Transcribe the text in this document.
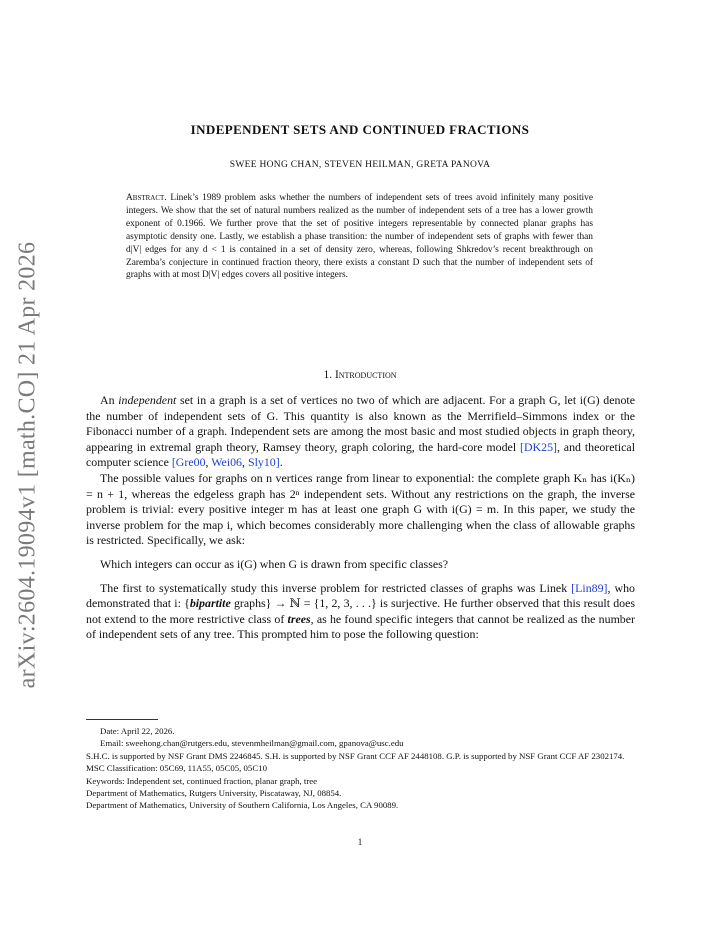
arXiv:2604.19094v1 [math.CO] 21 Apr 2026
INDEPENDENT SETS AND CONTINUED FRACTIONS
SWEE HONG CHAN, STEVEN HEILMAN, GRETA PANOVA
Abstract. Linek’s 1989 problem asks whether the numbers of independent sets of trees avoid infinitely many positive integers. We show that the set of natural numbers realized as the number of independent sets of a tree has a lower growth exponent of 0.1966. We further prove that the set of positive integers representable by connected planar graphs has asymptotic density one. Lastly, we establish a phase transition: the number of independent sets of graphs with fewer than d|V| edges for any d < 1 is contained in a set of density zero, whereas, following Shkredov’s recent breakthrough on Zaremba’s conjecture in continued fraction theory, there exists a constant D such that the number of independent sets of graphs with at most D|V| edges covers all positive integers.
1. Introduction

An independent set in a graph is a set of vertices no two of which are adjacent. For a graph G, let i(G) denote the number of independent sets of G. This quantity is also known as the Merrifield–Simmons index or the Fibonacci number of a graph. Independent sets are among the most basic and most studied objects in graph theory, appearing in extremal graph theory, Ramsey theory, graph coloring, the hard-core model [DK25], and theoretical computer science [Gre00, Wei06, Sly10].

The possible values for graphs on n vertices range from linear to exponential: the complete graph Kₙ has i(Kₙ) = n + 1, whereas the edgeless graph has 2ⁿ independent sets. Without any restrictions on the graph, the inverse problem is trivial: every positive integer m has at least one graph G with i(G) = m. In this paper, we study the inverse problem for the map i, which becomes considerably more challenging when the class of allowable graphs is restricted. Specifically, we ask:

Which integers can occur as i(G) when G is drawn from specific classes?

The first to systematically study this inverse problem for restricted classes of graphs was Linek [Lin89], who demonstrated that i: {bipartite graphs} → ℕ = {1, 2, 3, . . .} is surjective. He further observed that this result does not extend to the more restrictive class of trees, as he found specific integers that cannot be realized as the number of independent sets of any tree. This prompted him to pose the following question:

Date: April 22, 2026.
Email: sweehong.chan@rutgers.edu, stevenmheilman@gmail.com, gpanova@usc.edu
S.H.C. is supported by NSF Grant DMS 2246845. S.H. is supported by NSF Grant CCF AF 2448108. G.P. is supported by NSF Grant CCF AF 2302174.
MSC Classification: 05C69, 11A55, 05C05, 05C10
Keywords: Independent set, continued fraction, planar graph, tree
Department of Mathematics, Rutgers University, Piscataway, NJ, 08854.
Department of Mathematics, University of Southern California, Los Angeles, CA 90089.
1
